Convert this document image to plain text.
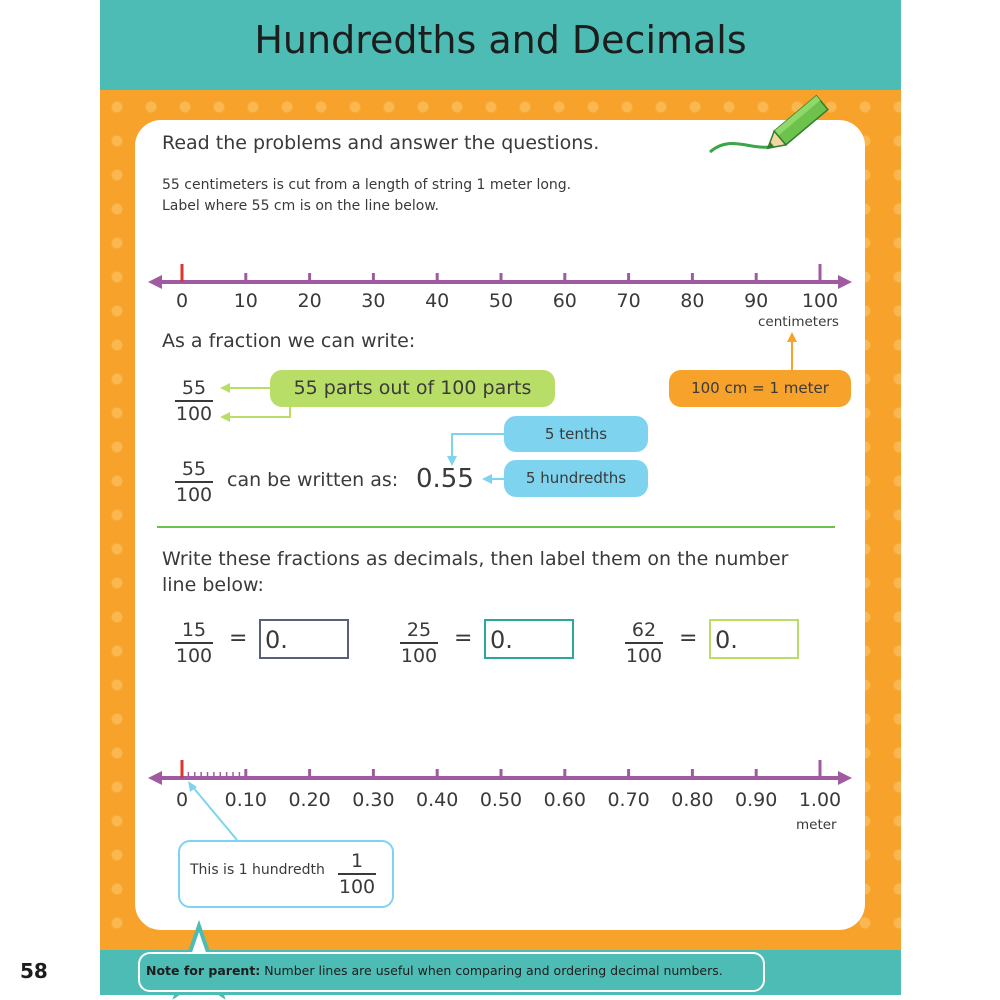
Hundredths and Decimals
Read the problems and answer the questions.
55 centimeters is cut from a length of string 1 meter long.
Label where 55 cm is on the line below.
0 10 20 30 40 50 60 70 80 90 100
centimeters
As a fraction we can write:
55
100
55 parts out of 100 parts	100 cm = 1 meter
5 tenths
5 hundredths
55
100
can be written as: 0.55
Write these fractions as decimals, then label them on the number
line below:
15
100
= 0.	25
100
= 0.	62
100
= 0.
0 0.10 0.20 0.30 0.40 0.50 0.60 0.70 0.80 0.90 1.00
meter
This is 1 hundredth 1
100
58	Note for parent: Number lines are useful when comparing and ordering decimal numbers.
